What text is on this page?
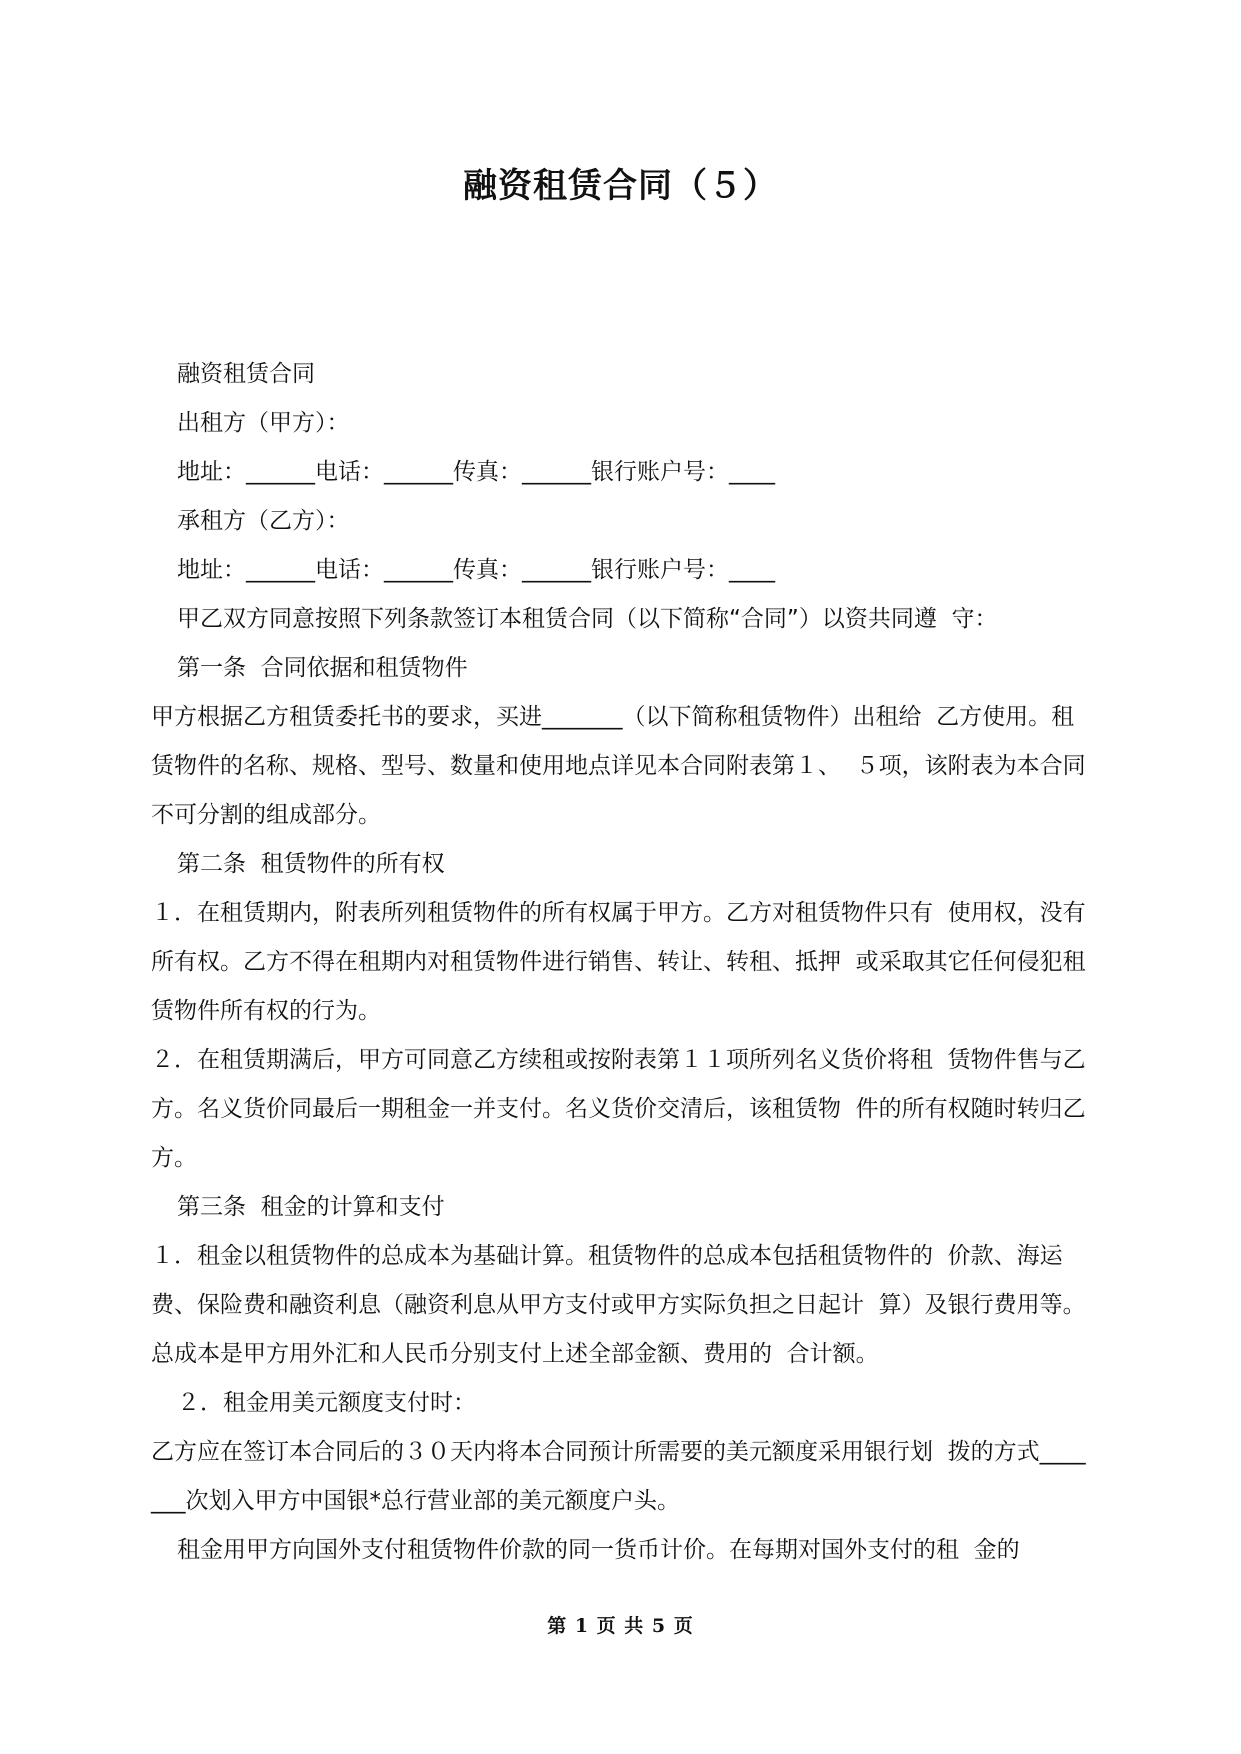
融资租赁合同（５）

融资租赁合同

出租方（甲方）：

地址：______电话：______传真：______银行账户号：____

承租方（乙方）：

地址：______电话：______传真：______银行账户号：____

甲乙双方同意按照下列条款签订本租赁合同（以下简称“合同”）以资共同遵  守：

第一条  合同依据和租赁物件

甲方根据乙方租赁委托书的要求，买进_______（以下简称租赁物件）出租给  乙方使用。租赁物件的名称、规格、型号、数量和使用地点详见本合同附表第１、  ５项，该附表为本合同不可分割的组成部分。

第二条  租赁物件的所有权

１．在租赁期内，附表所列租赁物件的所有权属于甲方。乙方对租赁物件只有  使用权，没有所有权。乙方不得在租期内对租赁物件进行销售、转让、转租、抵押  或采取其它任何侵犯租赁物件所有权的行为。

２．在租赁期满后，甲方可同意乙方续租或按附表第１１项所列名义货价将租  赁物件售与乙方。名义货价同最后一期租金一并支付。名义货价交清后，该租赁物  件的所有权随时转归乙方。

第三条  租金的计算和支付

１．租金以租赁物件的总成本为基础计算。租赁物件的总成本包括租赁物件的  价款、海运费、保险费和融资利息（融资利息从甲方支付或甲方实际负担之日起计  算）及银行费用等。总成本是甲方用外汇和人民币分别支付上述全部金额、费用的  合计额。

２．租金用美元额度支付时：

乙方应在签订本合同后的３０天内将本合同预计所需要的美元额度采用银行划  拨的方式_______次划入甲方中国银*总行营业部的美元额度户头。

租金用甲方向国外支付租赁物件价款的同一货币计价。在每期对国外支付的租  金的

第 1 页 共 5 页
